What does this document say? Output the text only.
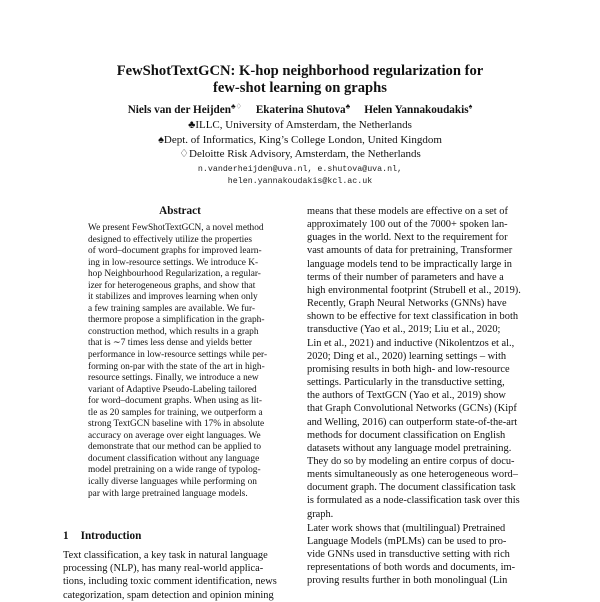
FewShotTextGCN: K-hop neighborhood regularization for
few-shot learning on graphs
Niels van der Heijden♣♢ Ekaterina Shutova♣ Helen Yannakoudakis♠
♣ILLC, University of Amsterdam, the Netherlands
♠Dept. of Informatics, King’s College London, United Kingdom
♢Deloitte Risk Advisory, Amsterdam, the Netherlands
n.vanderheijden@uva.nl, e.shutova@uva.nl,
helen.yannakoudakis@kcl.ac.uk
Abstract
We present FewShotTextGCN, a novel method
designed to effectively utilize the properties
of word–document graphs for improved learn-
ing in low-resource settings. We introduce K-
hop Neighbourhood Regularization, a regular-
izer for heterogeneous graphs, and show that
it stabilizes and improves learning when only
a few training samples are available. We fur-
thermore propose a simplification in the graph-
construction method, which results in a graph
that is ∼7 times less dense and yields better
performance in low-resource settings while per-
forming on-par with the state of the art in high-
resource settings. Finally, we introduce a new
variant of Adaptive Pseudo-Labeling tailored
for word–document graphs. When using as lit-
tle as 20 samples for training, we outperform a
strong TextGCN baseline with 17% in absolute
accuracy on average over eight languages. We
demonstrate that our method can be applied to
document classification without any language
model pretraining on a wide range of typolog-
ically diverse languages while performing on
par with large pretrained language models.
1 Introduction
Text classification, a key task in natural language
processing (NLP), has many real-world applica-
tions, including toxic comment identification, news
categorization, spam detection and opinion mining
means that these models are effective on a set of
approximately 100 out of the 7000+ spoken lan-
guages in the world. Next to the requirement for
vast amounts of data for pretraining, Transformer
language models tend to be impractically large in
terms of their number of parameters and have a
high environmental footprint (Strubell et al., 2019).
Recently, Graph Neural Networks (GNNs) have
shown to be effective for text classification in both
transductive (Yao et al., 2019; Liu et al., 2020;
Lin et al., 2021) and inductive (Nikolentzos et al.,
2020; Ding et al., 2020) learning settings – with
promising results in both high- and low-resource
settings. Particularly in the transductive setting,
the authors of TextGCN (Yao et al., 2019) show
that Graph Convolutional Networks (GCNs) (Kipf
and Welling, 2016) can outperform state-of-the-art
methods for document classification on English
datasets without any language model pretraining.
They do so by modeling an entire corpus of docu-
ments simultaneously as one heterogeneous word–
document graph. The document classification task
is formulated as a node-classification task over this
graph.
Later work shows that (multilingual) Pretrained
Language Models (mPLMs) can be used to pro-
vide GNNs used in transductive setting with rich
representations of both words and documents, im-
proving results further in both monolingual (Lin
